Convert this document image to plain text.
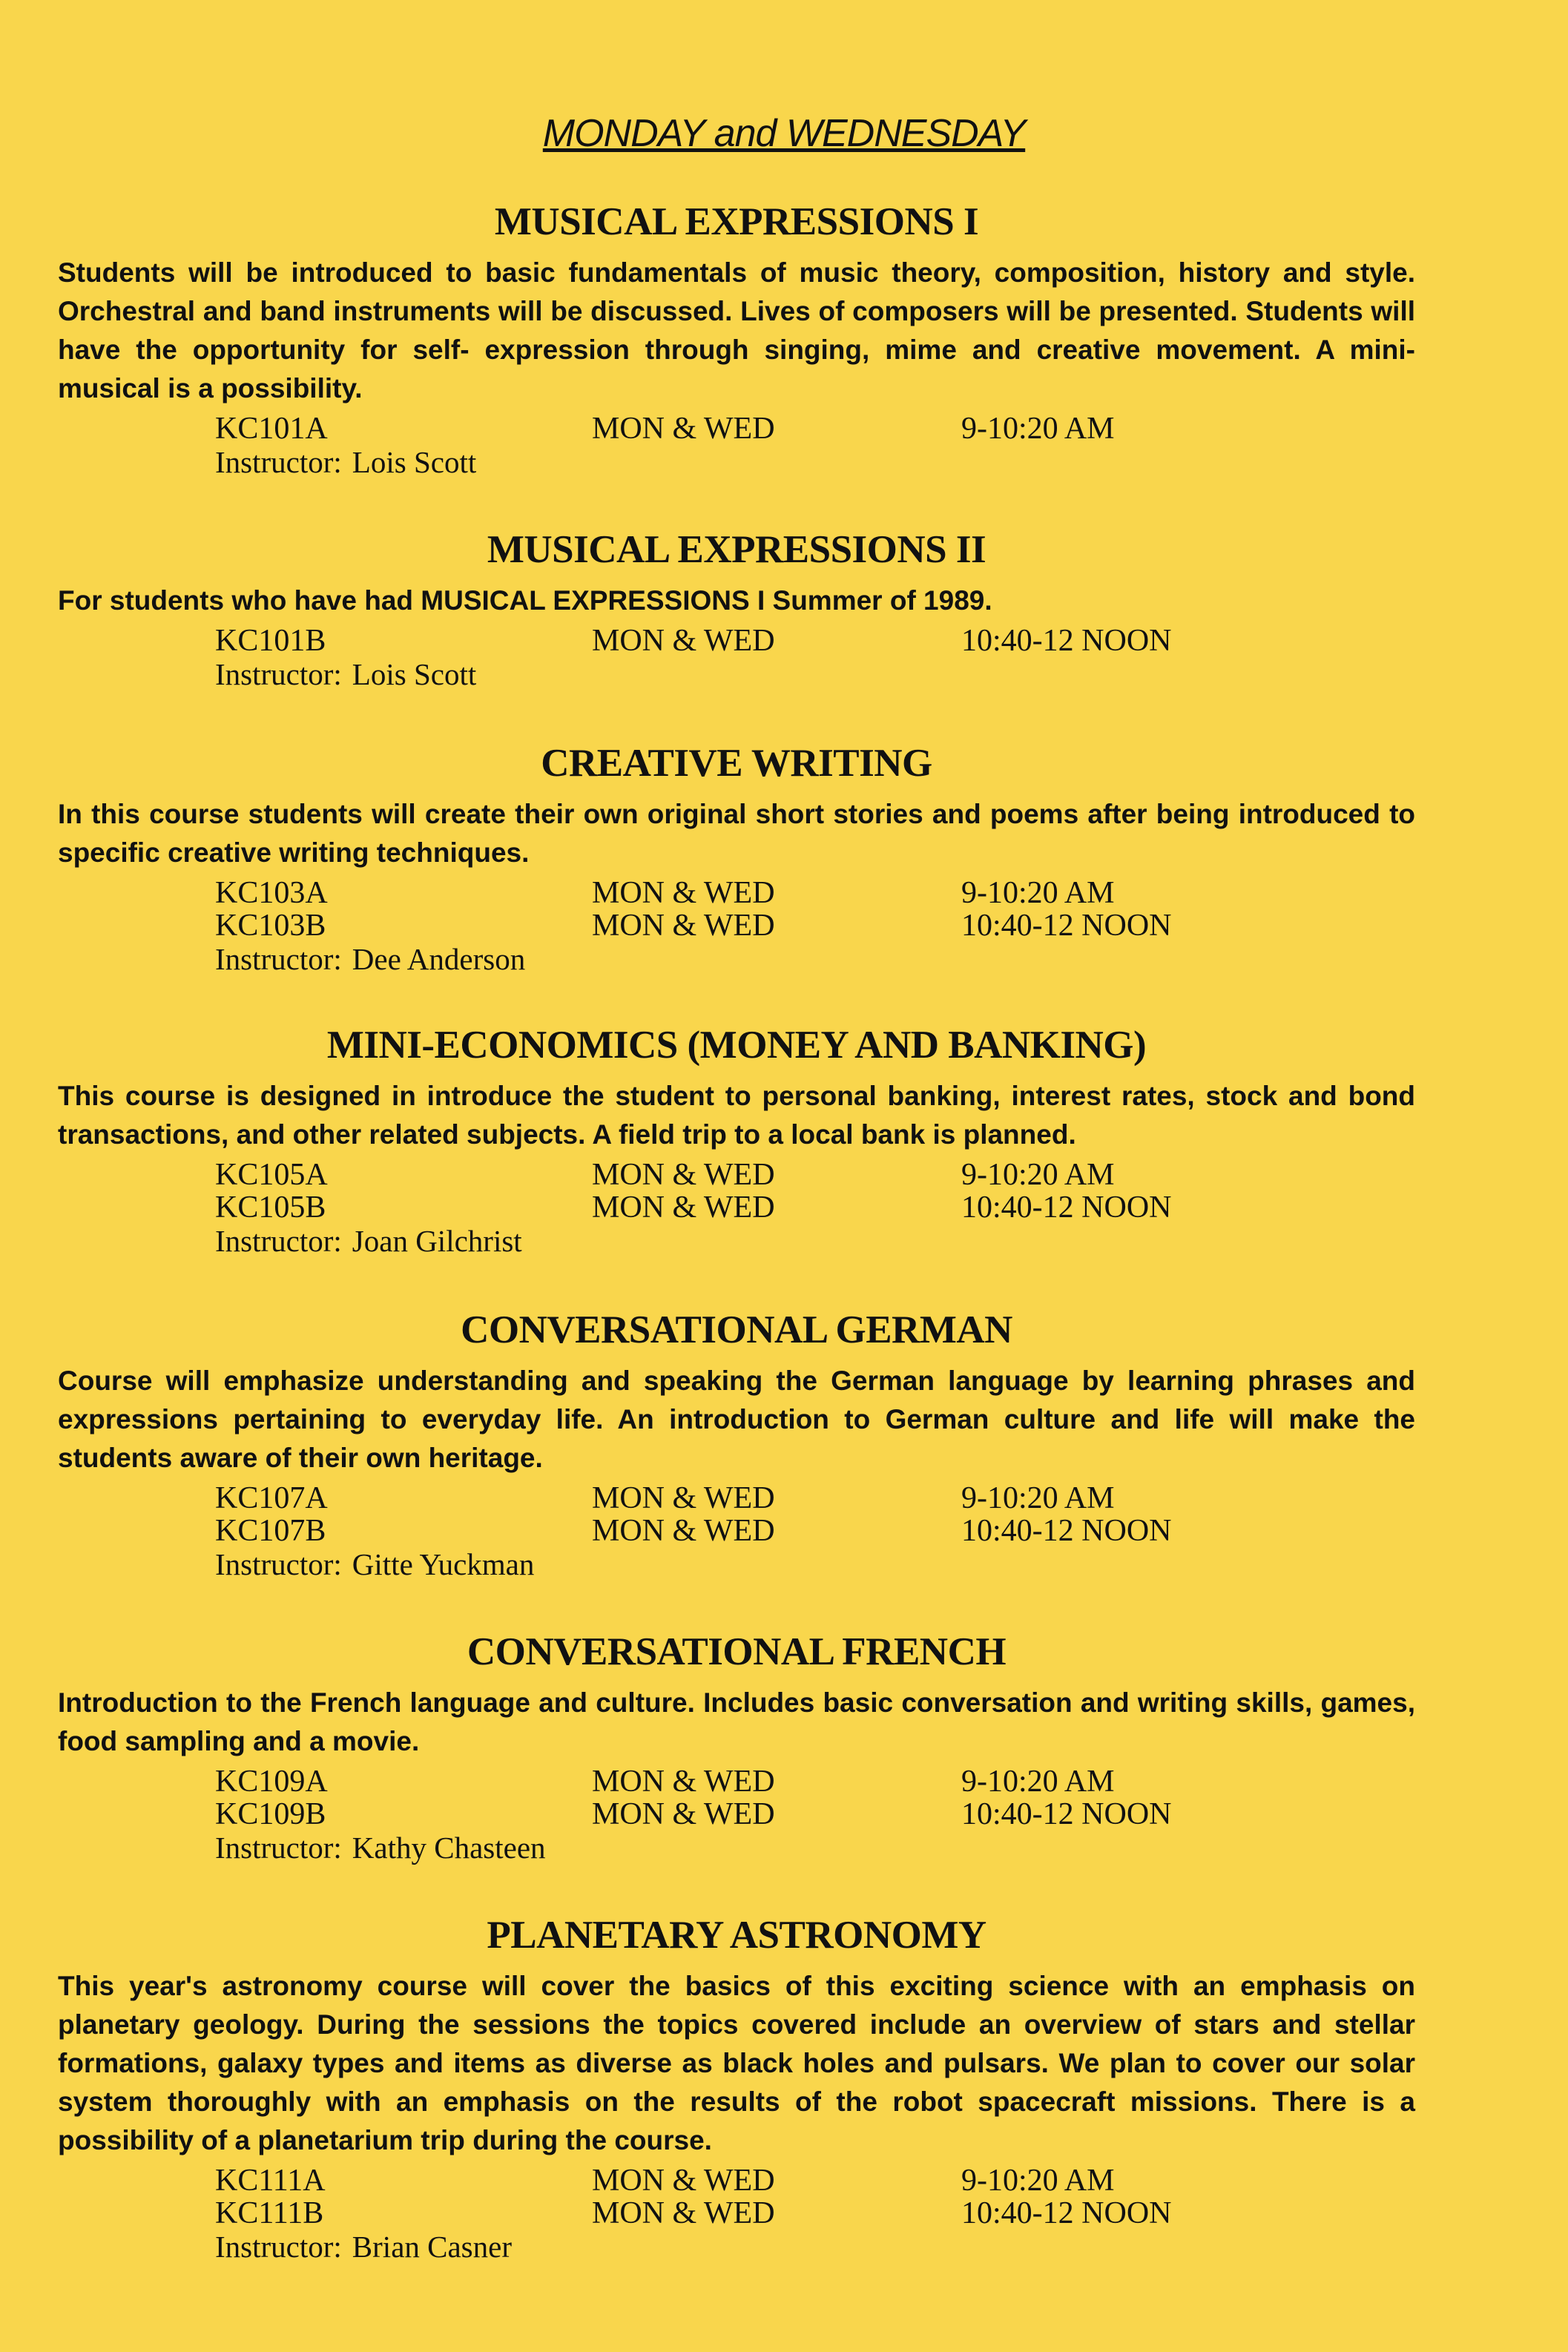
MONDAY and WEDNESDAY
MUSICAL EXPRESSIONS I
Students will be introduced to basic fundamentals of music theory, composition, history and style. Orchestral and band instruments will be discussed. Lives of composers will be presented. Students will have the opportunity for self- expression through singing, mime and creative movement. A mini- musical is a possibility.
KC101A	MON & WED	9-10:20 AM
Instructor: Lois Scott
MUSICAL EXPRESSIONS II
For students who have had MUSICAL EXPRESSIONS I Summer of 1989.
KC101B	MON & WED	10:40-12 NOON
Instructor: Lois Scott
CREATIVE WRITING
In this course students will create their own original short stories and poems after being introduced to specific creative writing techniques.
KC103A	MON & WED	9-10:20 AM
KC103B	MON & WED	10:40-12 NOON
Instructor: Dee Anderson
MINI-ECONOMICS (MONEY AND BANKING)
This course is designed in introduce the student to personal banking, interest rates, stock and bond transactions, and other related subjects. A field trip to a local bank is planned.
KC105A	MON & WED	9-10:20 AM
KC105B	MON & WED	10:40-12 NOON
Instructor: Joan Gilchrist
CONVERSATIONAL GERMAN
Course will emphasize understanding and speaking the German language by learning phrases and expressions pertaining to everyday life. An introduction to German culture and life will make the students aware of their own heritage.
KC107A	MON & WED	9-10:20 AM
KC107B	MON & WED	10:40-12 NOON
Instructor: Gitte Yuckman
CONVERSATIONAL FRENCH
Introduction to the French language and culture. Includes basic conversation and writing skills, games, food sampling and a movie.
KC109A	MON & WED	9-10:20 AM
KC109B	MON & WED	10:40-12 NOON
Instructor: Kathy Chasteen
PLANETARY ASTRONOMY
This year's astronomy course will cover the basics of this exciting science with an emphasis on planetary geology. During the sessions the topics covered include an overview of stars and stellar formations, galaxy types and items as diverse as black holes and pulsars. We plan to cover our solar system thoroughly with an emphasis on the results of the robot spacecraft missions. There is a possibility of a planetarium trip during the course.
KC111A	MON & WED	9-10:20 AM
KC111B	MON & WED	10:40-12 NOON
Instructor: Brian Casner
